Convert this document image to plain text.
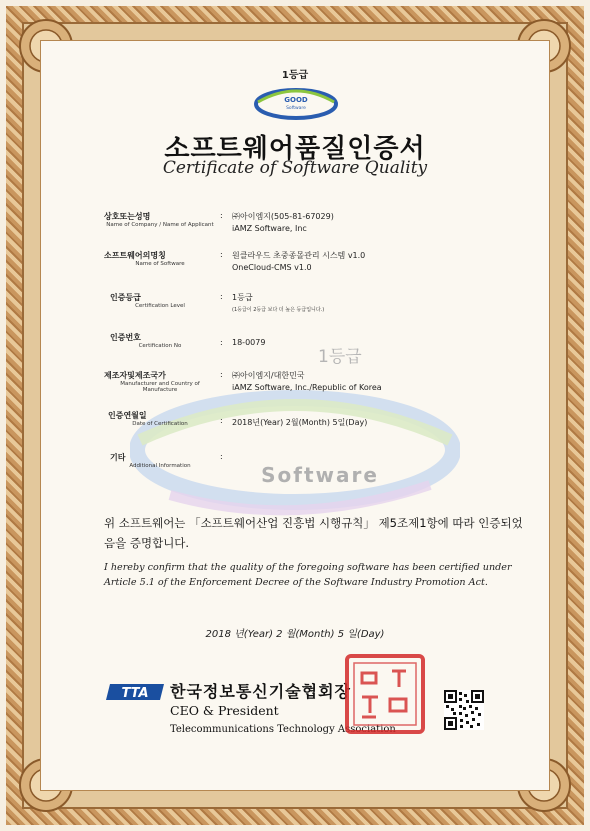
1등급
GOOD
Software
소프트웨어품질인증서
Certificate of Software Quality
Software
1등급
상호또는성명
Name of Company / Name of Applicant
: ㈜아이엠지(505-81-67029)
iAMZ Software, Inc
소프트웨어의명칭
Name of Software
: 원클라우드 초중종몰관리 시스템 v1.0
OneCloud-CMS v1.0
인증등급
Certification Level
: 1등급
(1등급이 2등급 보다 더 높은 등급입니다.)
인증번호
Certification No	: 18-0079
제조자및제조국가
Manufacturer and Country of Manufacture
: ㈜아이엠지/대한민국
iAMZ Software, Inc./Republic of Korea
인증연월일
Date of Certification	: 2018년(Year) 2월(Month) 5일(Day)
기타
Additional Information
:
위 소프트웨어는 「소프트웨어산업 진흥법 시행규칙」 제5조제1항에 따라 인증되었음을 증명합니다.
I hereby confirm that the quality of the foregoing software has been certified under Article 5.1 of the Enforcement Decree of the Software Industry Promotion Act.
2018 년(Year) 2 월(Month) 5 일(Day)
TTA 한국정보통신기술협회장
CEO & President
Telecommunications Technology Association
